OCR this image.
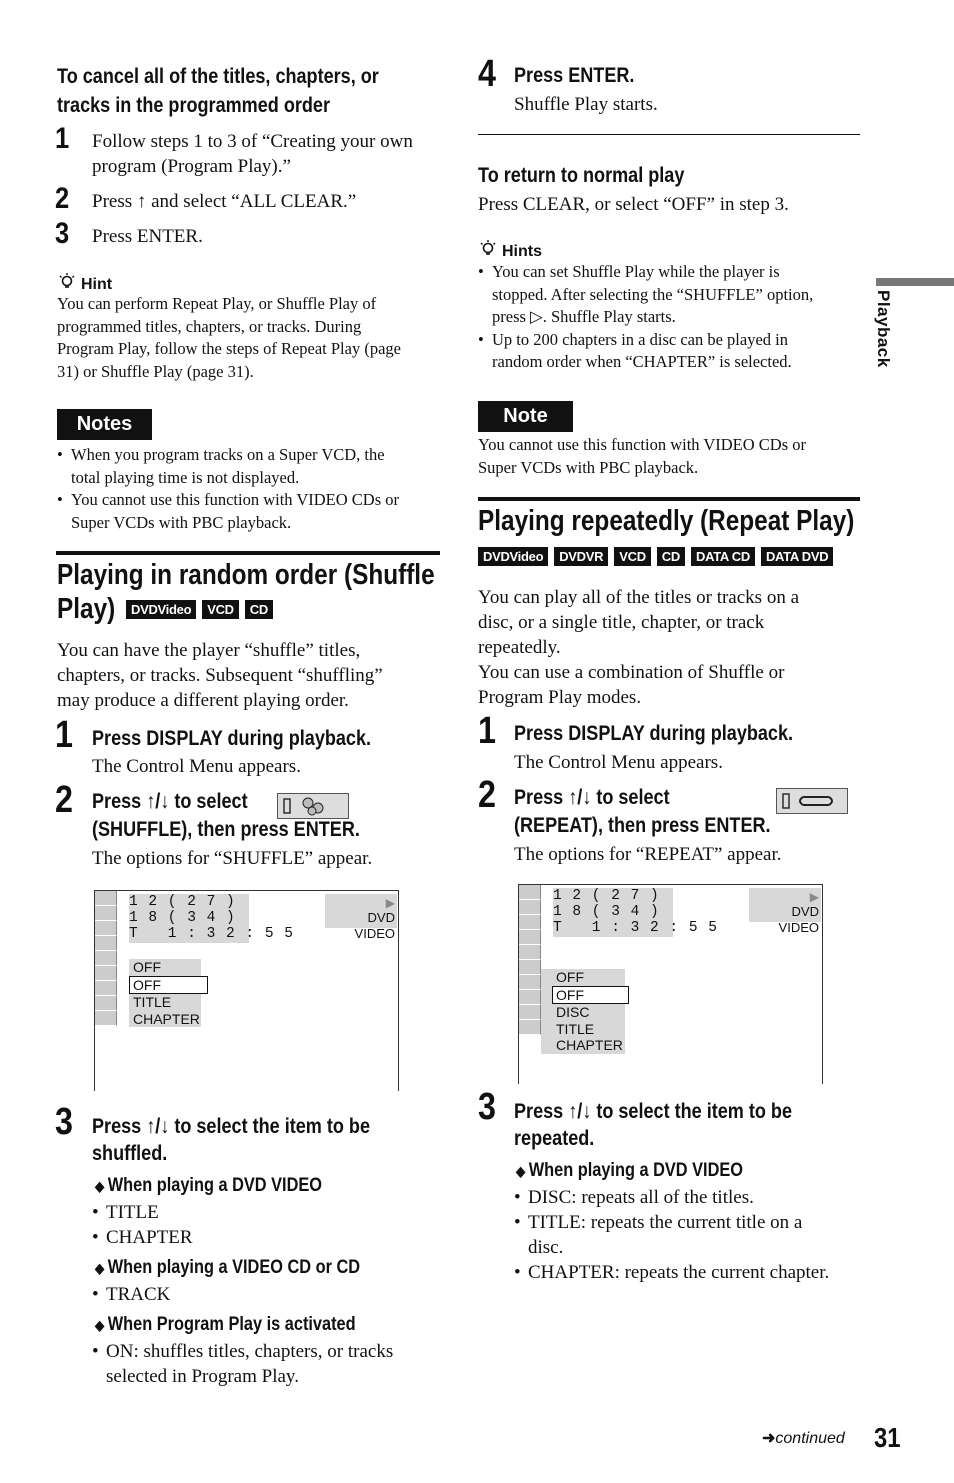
To cancel all of the titles, chapters, or
tracks in the programmed order
1 Follow steps 1 to 3 of “Creating your own
program (Program Play).”
2 Press ↑ and select “ALL CLEAR.”
3 Press ENTER.
Hint
You can perform Repeat Play, or Shuffle Play of
programmed titles, chapters, or tracks. During
Program Play, follow the steps of Repeat Play (page
31) or Shuffle Play (page 31).
Notes
• When you program tracks on a Super VCD, the
total playing time is not displayed.
• You cannot use this function with VIDEO CDs or
Super VCDs with PBC playback.
Playing in random order (Shuffle
Play)	DVDVideo VCD CD
You can have the player “shuffle” titles,
chapters, or tracks. Subsequent “shuffling”
may produce a different playing order.
1 Press DISPLAY during playback.
The Control Menu appears.
2 Press ↑/↓ to select

(SHUFFLE), then press ENTER.
The options for “SHUFFLE” appear.
1 2 ( 2 7 )
1 8 ( 3 4 )
T   1 : 3 2 : 5 5
▶
DVD VIDEO
OFF
OFF
TITLE
CHAPTER
3 Press ↑/↓ to select the item to be
shuffled.
◆ When playing a DVD VIDEO
• TITLE
• CHAPTER
◆ When playing a VIDEO CD or CD
• TRACK
◆ When Program Play is activated
• ON: shuffles titles, chapters, or tracks
selected in Program Play.
4 Press ENTER.
Shuffle Play starts.
To return to normal play
Press CLEAR, or select “OFF” in step 3.
Hints
• You can set Shuffle Play while the player is
stopped. After selecting the “SHUFFLE” option,
press ▷. Shuffle Play starts.
• Up to 200 chapters in a disc can be played in
random order when “CHAPTER” is selected.
Note
You cannot use this function with VIDEO CDs or
Super VCDs with PBC playback.
Playing repeatedly (Repeat Play)
DVDVideo DVDVR VCD CD DATA CD DATA DVD
You can play all of the titles or tracks on a
disc, or a single title, chapter, or track
repeatedly.
You can use a combination of Shuffle or
Program Play modes.
1 Press DISPLAY during playback.
The Control Menu appears.
2 Press ↑/↓ to select
(REPEAT), then press ENTER.
The options for “REPEAT” appear.
1 2 ( 2 7 )
1 8 ( 3 4 )
T   1 : 3 2 : 5 5
▶
DVD VIDEO
OFF
OFF
DISC
TITLE
CHAPTER
3 Press ↑/↓ to select the item to be
repeated.
◆ When playing a DVD VIDEO
• DISC: repeats all of the titles.
• TITLE: repeats the current title on a
disc.
• CHAPTER: repeats the current chapter.
Playback
➜continued 31
